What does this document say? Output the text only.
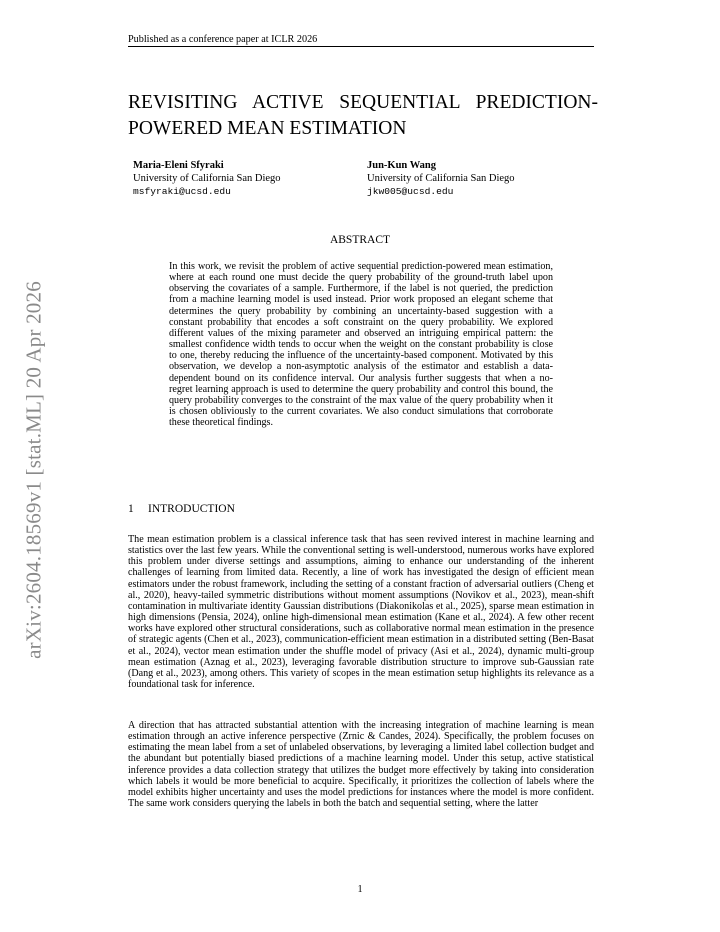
Published as a conference paper at ICLR 2026
arXiv:2604.18569v1 [stat.ML] 20 Apr 2026
REVISITING ACTIVE SEQUENTIAL PREDICTION-
POWERED MEAN ESTIMATION
Maria-Eleni Sfyraki
University of California San Diego
msfyraki@ucsd.edu
Jun-Kun Wang
University of California San Diego
jkw005@ucsd.edu
ABSTRACT
In this work, we revisit the problem of active sequential prediction-powered mean estimation, where at each round one must decide the query probability of the ground-truth label upon observing the covariates of a sample. Furthermore, if the label is not queried, the prediction from a machine learning model is used instead. Prior work proposed an elegant scheme that determines the query probability by combining an uncertainty-based suggestion with a constant probability that encodes a soft constraint on the query probability. We explored different values of the mixing parameter and observed an intriguing empirical pattern: the smallest confidence width tends to occur when the weight on the constant probability is close to one, thereby reducing the influence of the uncertainty-based component. Motivated by this observation, we develop a non-asymptotic analysis of the estimator and establish a data-dependent bound on its confidence interval. Our analysis further suggests that when a no-regret learning approach is used to determine the query probability and control this bound, the query probability converges to the constraint of the max value of the query probability when it is chosen obliviously to the current covariates. We also conduct simulations that corroborate these theoretical findings.
1 INTRODUCTION
The mean estimation problem is a classical inference task that has seen revived interest in machine learning and statistics over the last few years. While the conventional setting is well-understood, numerous works have explored this problem under diverse settings and assumptions, aiming to enhance our understanding of the inherent challenges of learning from limited data. Recently, a line of work has investigated the design of efficient mean estimators under the robust framework, including the setting of a constant fraction of adversarial outliers (Cheng et al., 2020), heavy-tailed symmetric distributions without moment assumptions (Novikov et al., 2023), mean-shift contamination in multivariate identity Gaussian distributions (Diakonikolas et al., 2025), sparse mean estimation in high dimensions (Pensia, 2024), online high-dimensional mean estimation (Kane et al., 2024). A few other recent works have explored other structural considerations, such as collaborative normal mean estimation in the presence of strategic agents (Chen et al., 2023), communication-efficient mean estimation in a distributed setting (Ben-Basat et al., 2024), vector mean estimation under the shuffle model of privacy (Asi et al., 2024), dynamic multi-group mean estimation (Aznag et al., 2023), leveraging favorable distribution structure to improve sub-Gaussian rate (Dang et al., 2023), among others. This variety of scopes in the mean estimation setup highlights its relevance as a foundational task for inference.
A direction that has attracted substantial attention with the increasing integration of machine learning is mean estimation through an active inference perspective (Zrnic & Candes, 2024). Specifically, the problem focuses on estimating the mean label from a set of unlabeled observations, by leveraging a limited label collection budget and the abundant but potentially biased predictions of a machine learning model. Under this setup, active statistical inference provides a data collection strategy that utilizes the budget more effectively by taking into consideration which labels it would be more beneficial to acquire. Specifically, it prioritizes the collection of labels where the model exhibits higher uncertainty and uses the model predictions for instances where the model is more confident. The same work considers querying the labels in both the batch and sequential setting, where the latter
1
